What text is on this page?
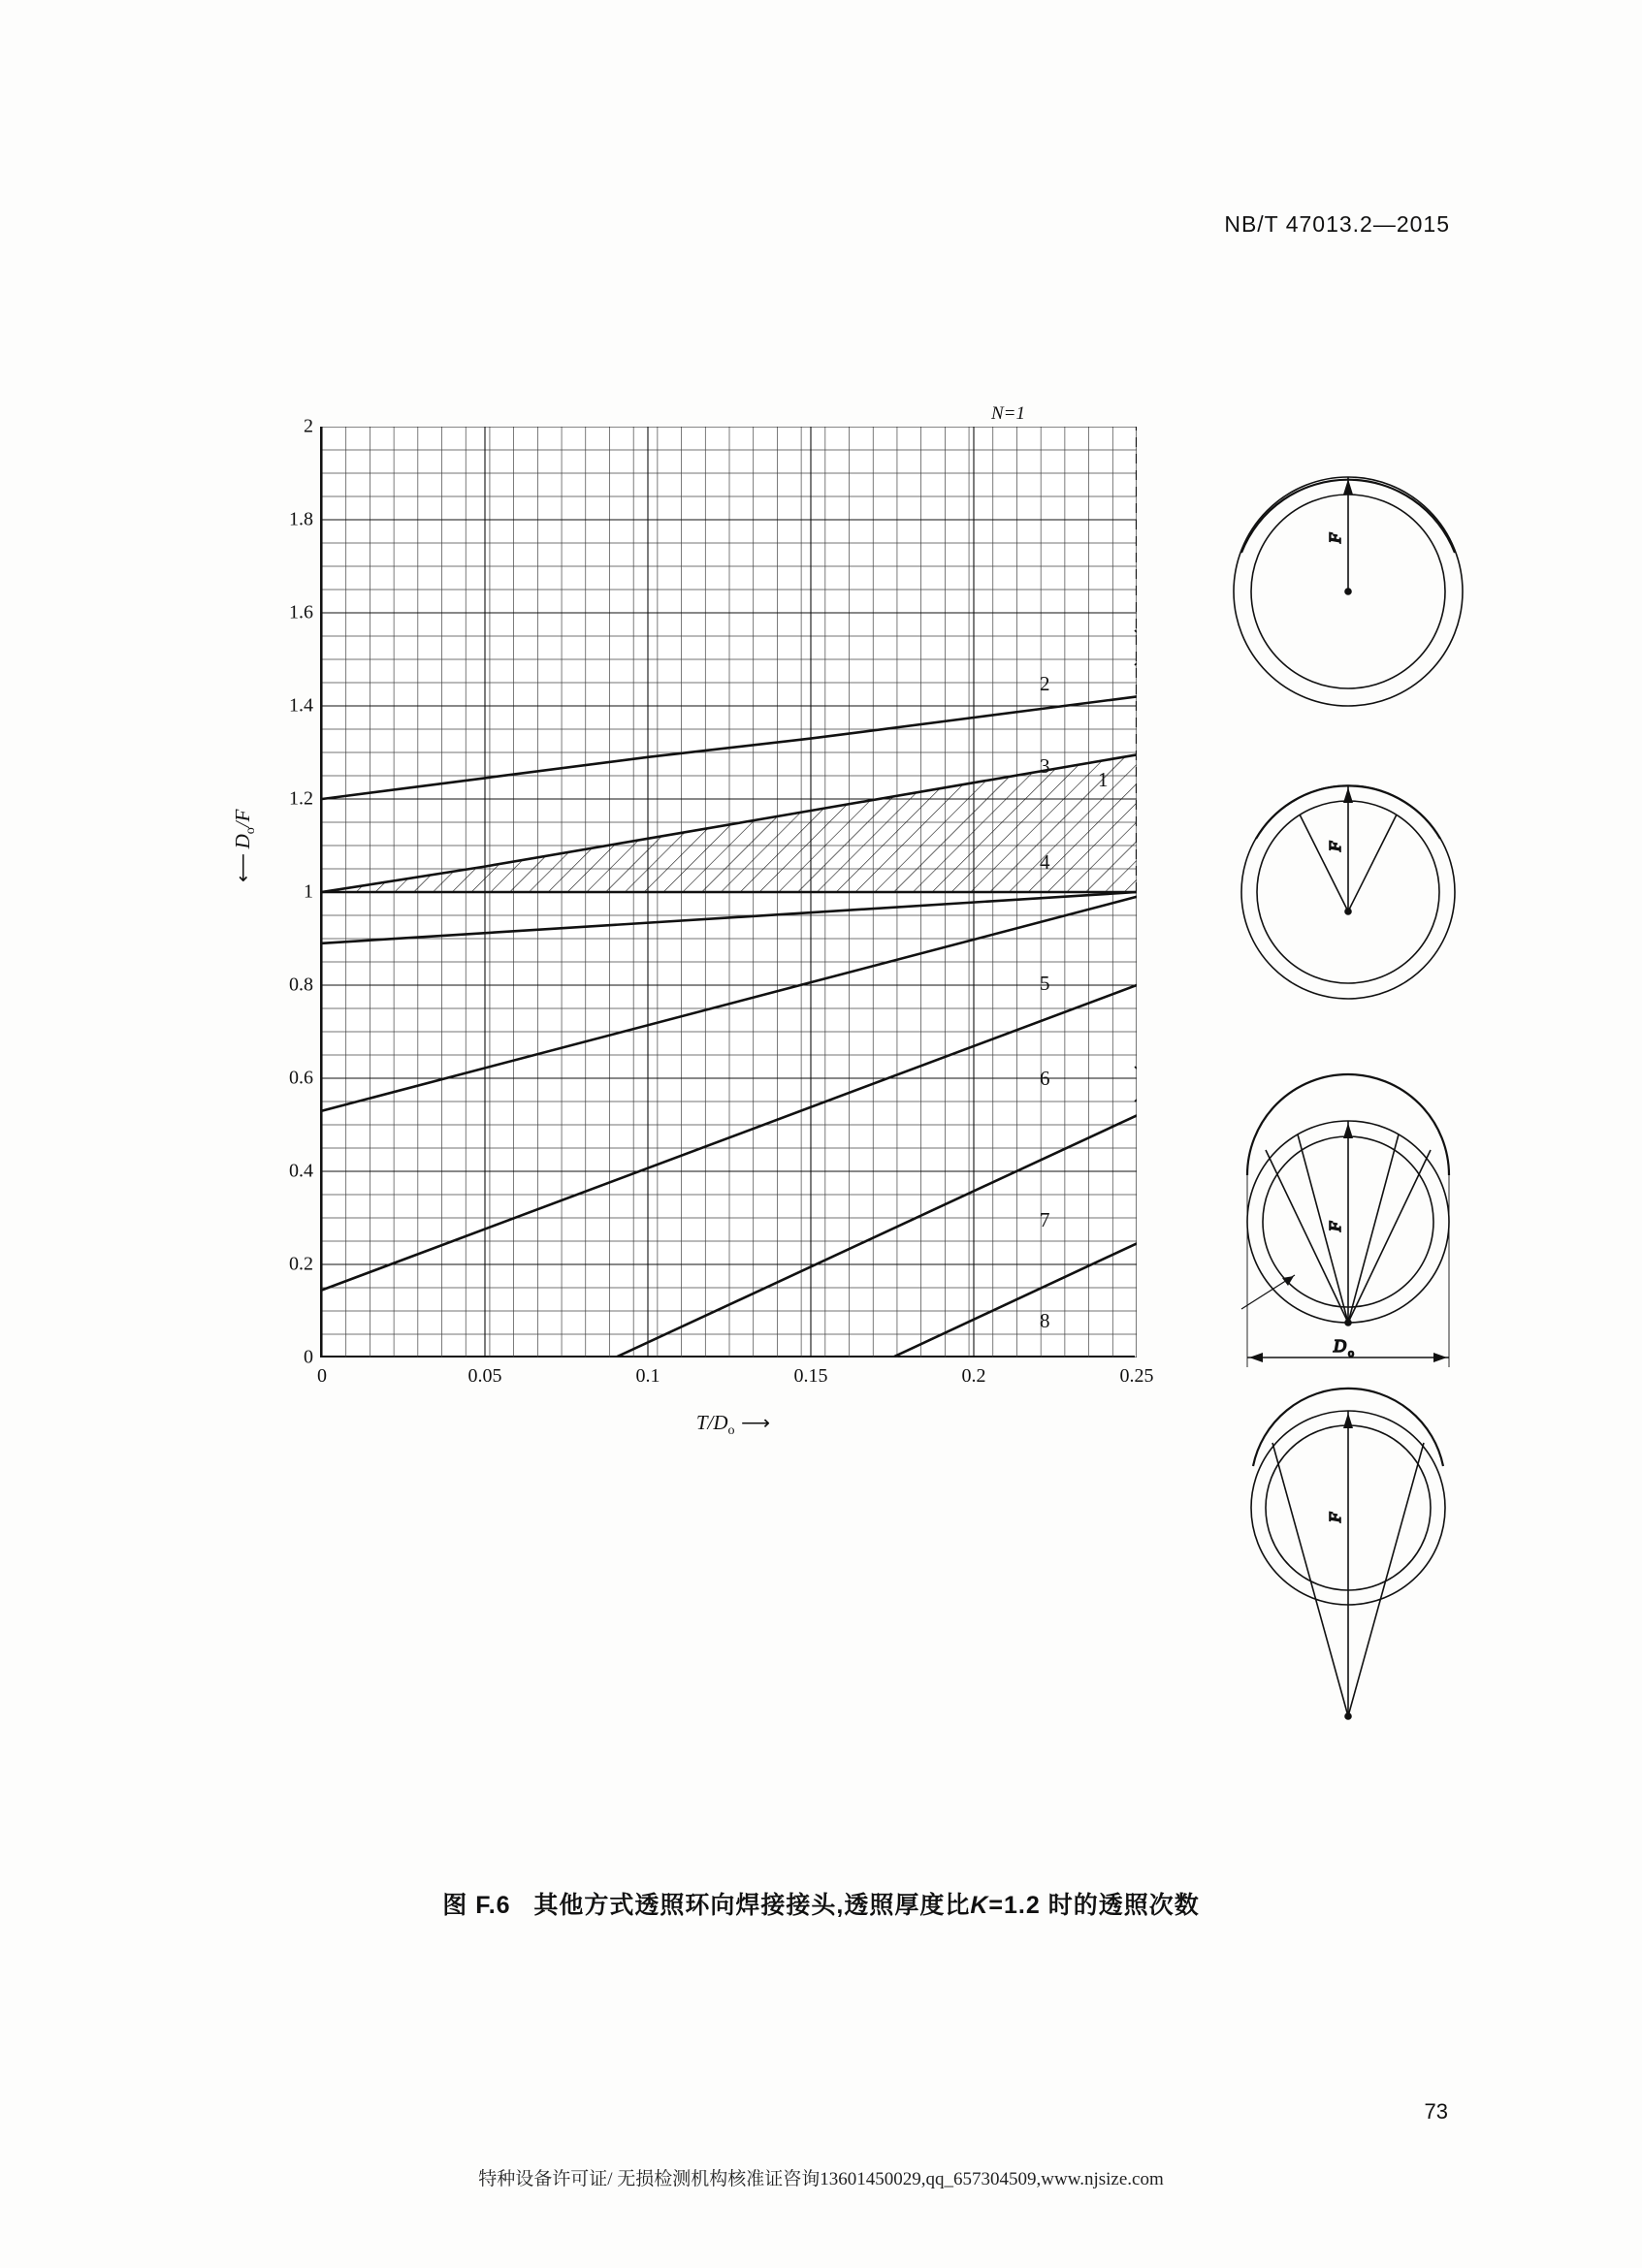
NB/T 47013.2—2015
0
0.2
0.4
0.6
0.8
1
1.2
1.4
1.6
1.8
2
0	0.05	0.1	0.15	0.2	0.25
N=1
1
2
3
4
5
6
7
8
⟵  $D_o/F$
$T/D_o$  ⟶
F
F
F
D o
F
图 F.6 其他方式透照环向焊接接头,透照厚度比K=1.2 时的透照次数
73
特种设备许可证/ 无损检测机构核准证咨询13601450029,qq_657304509,www.njsize.com
